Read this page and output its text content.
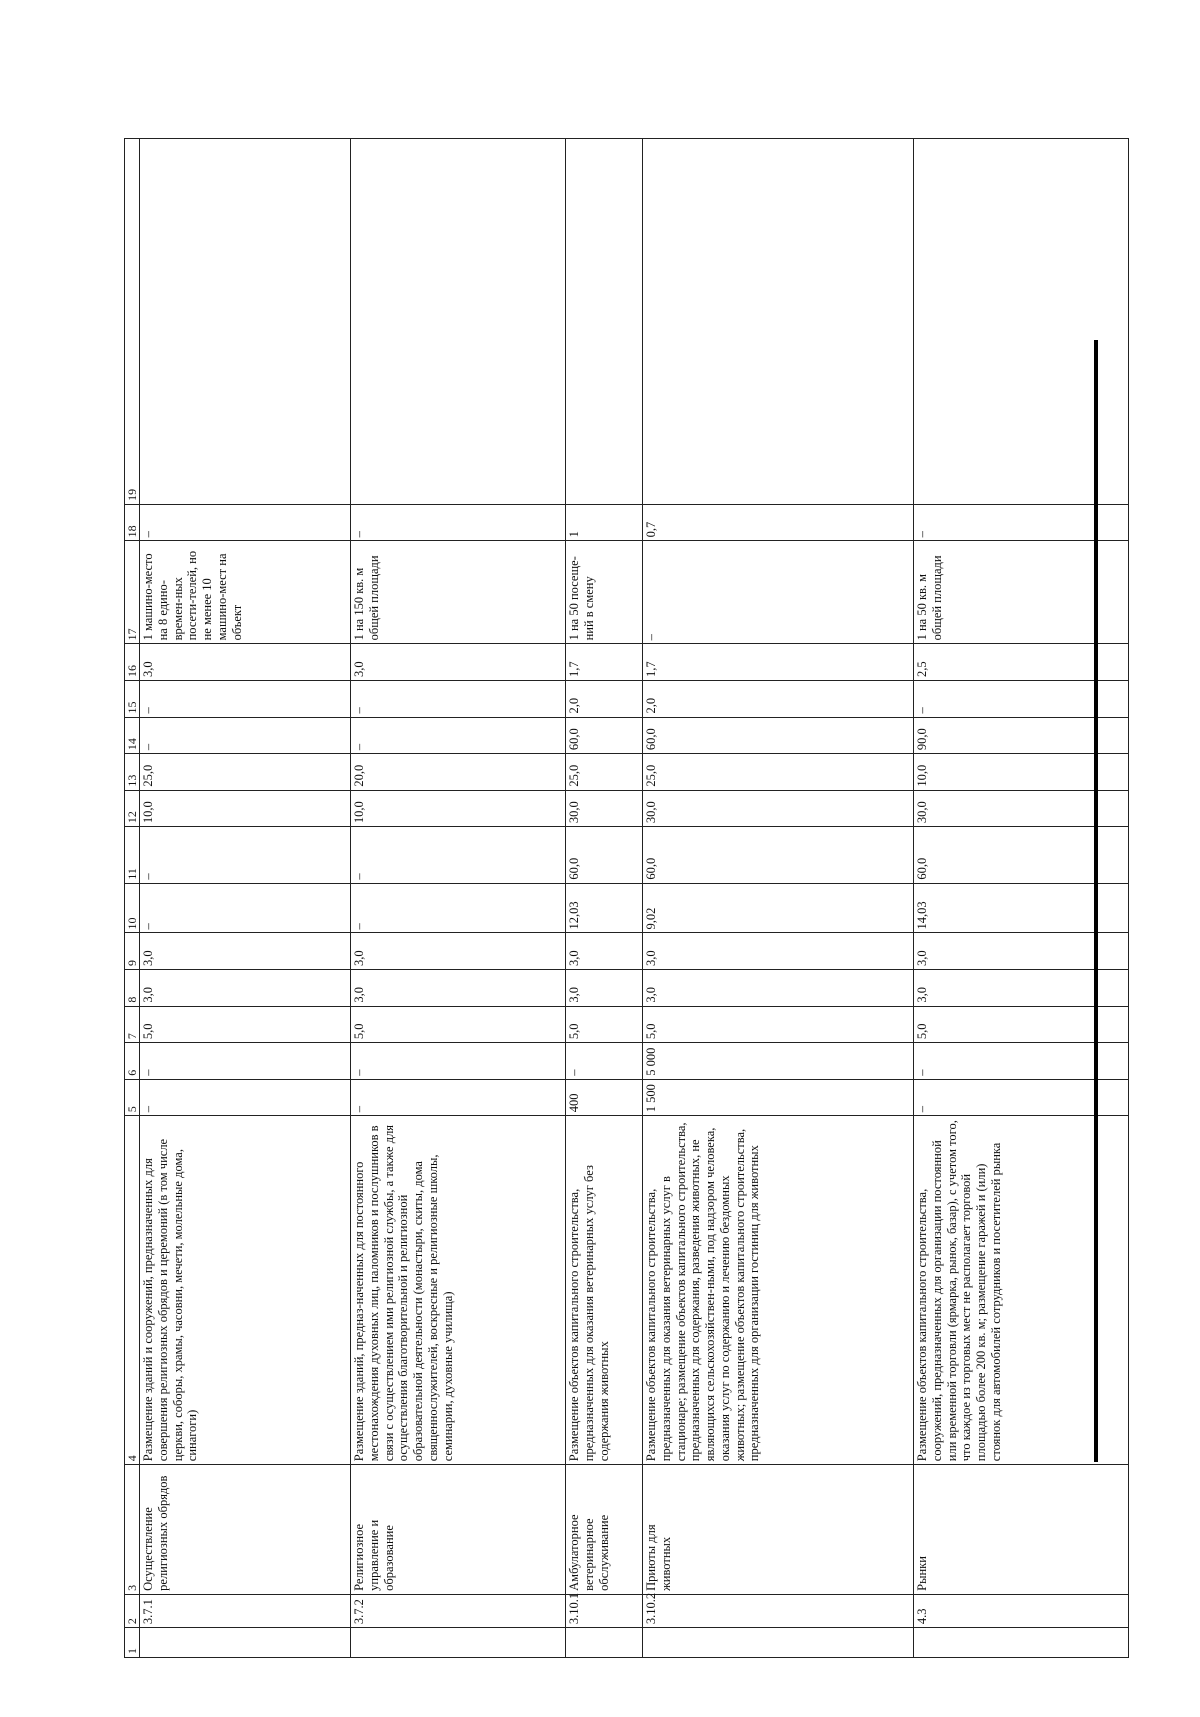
1	2	3	4	5	6	7	8	9	10	11	12	13	14	15	16	17	18	19
	3.7.1	Осуществление религиозных обрядов	Размещение зданий и сооружений, предназначенных для совершения религиозных обрядов и церемоний (в том числе церкви, соборы, храмы, часовни, мечети, молельные дома, синагоги)	–	–	5,0	3,0	3,0	–	–	10,0	25,0	–	–	3,0	1 машино-место на 8 едино-времен-ных посети-телей, но не менее 10 машино-мест на объект	–	
	3.7.2	Религиозное управление и образование	Размещение зданий, предназ-наченных для постоянного местонахождения духовных лиц, паломников и послушников в связи с осуществлением ими религиозной службы, а также для осуществления благотворительной и религиозной образовательной деятельности (монастыри, скиты, дома священнослужителей, воскресные и религиозные школы, семинарии, духовные училища)	–	–	5,0	3,0	3,0	–	–	10,0	20,0	–	–	3,0	1 на 150 кв. м общей площади	–	
	3.10.1	Амбулаторное ветеринарное обслуживание	Размещение объектов капитального строительства, предназначенных для оказания ветеринарных услуг без содержания животных	400	–	5,0	3,0	3,0	12,03	60,0	30,0	25,0	60,0	2,0	1,7	1 на 50 посеще-ний в смену	1	
	3.10.2	Приюты для животных	Размещение объектов капитального строительства, предназначенных для оказания ветеринарных услуг в стационаре; размещение объектов капитального строительства, предназначенных для содержания, разведения животных, не являющихся сельскохозяйствен-ными, под надзором человека, оказания услуг по содержанию и лечению бездомных животных; размещение объектов капитального строительства, предназначенных для организации гостиниц для животных	1 500	5 000	5,0	3,0	3,0	9,02	60,0	30,0	25,0	60,0	2,0	1,7	–	0,7	
	4.3	Рынки	Размещение объектов капитального строительства, сооружений, предназначенных для организации постоянной или временной торговли (ярмарка, рынок, базар), с учетом того, что каждое из торговых мест не располагает торговой площадью более 200 кв. м; размещение гаражей и (или) стоянок для автомобилей сотрудников и посетителей рынка	–	–	5,0	3,0	3,0	14,03	60,0	30,0	10,0	90,0	–	2,5	1 на 50 кв. м общей площади	–	
